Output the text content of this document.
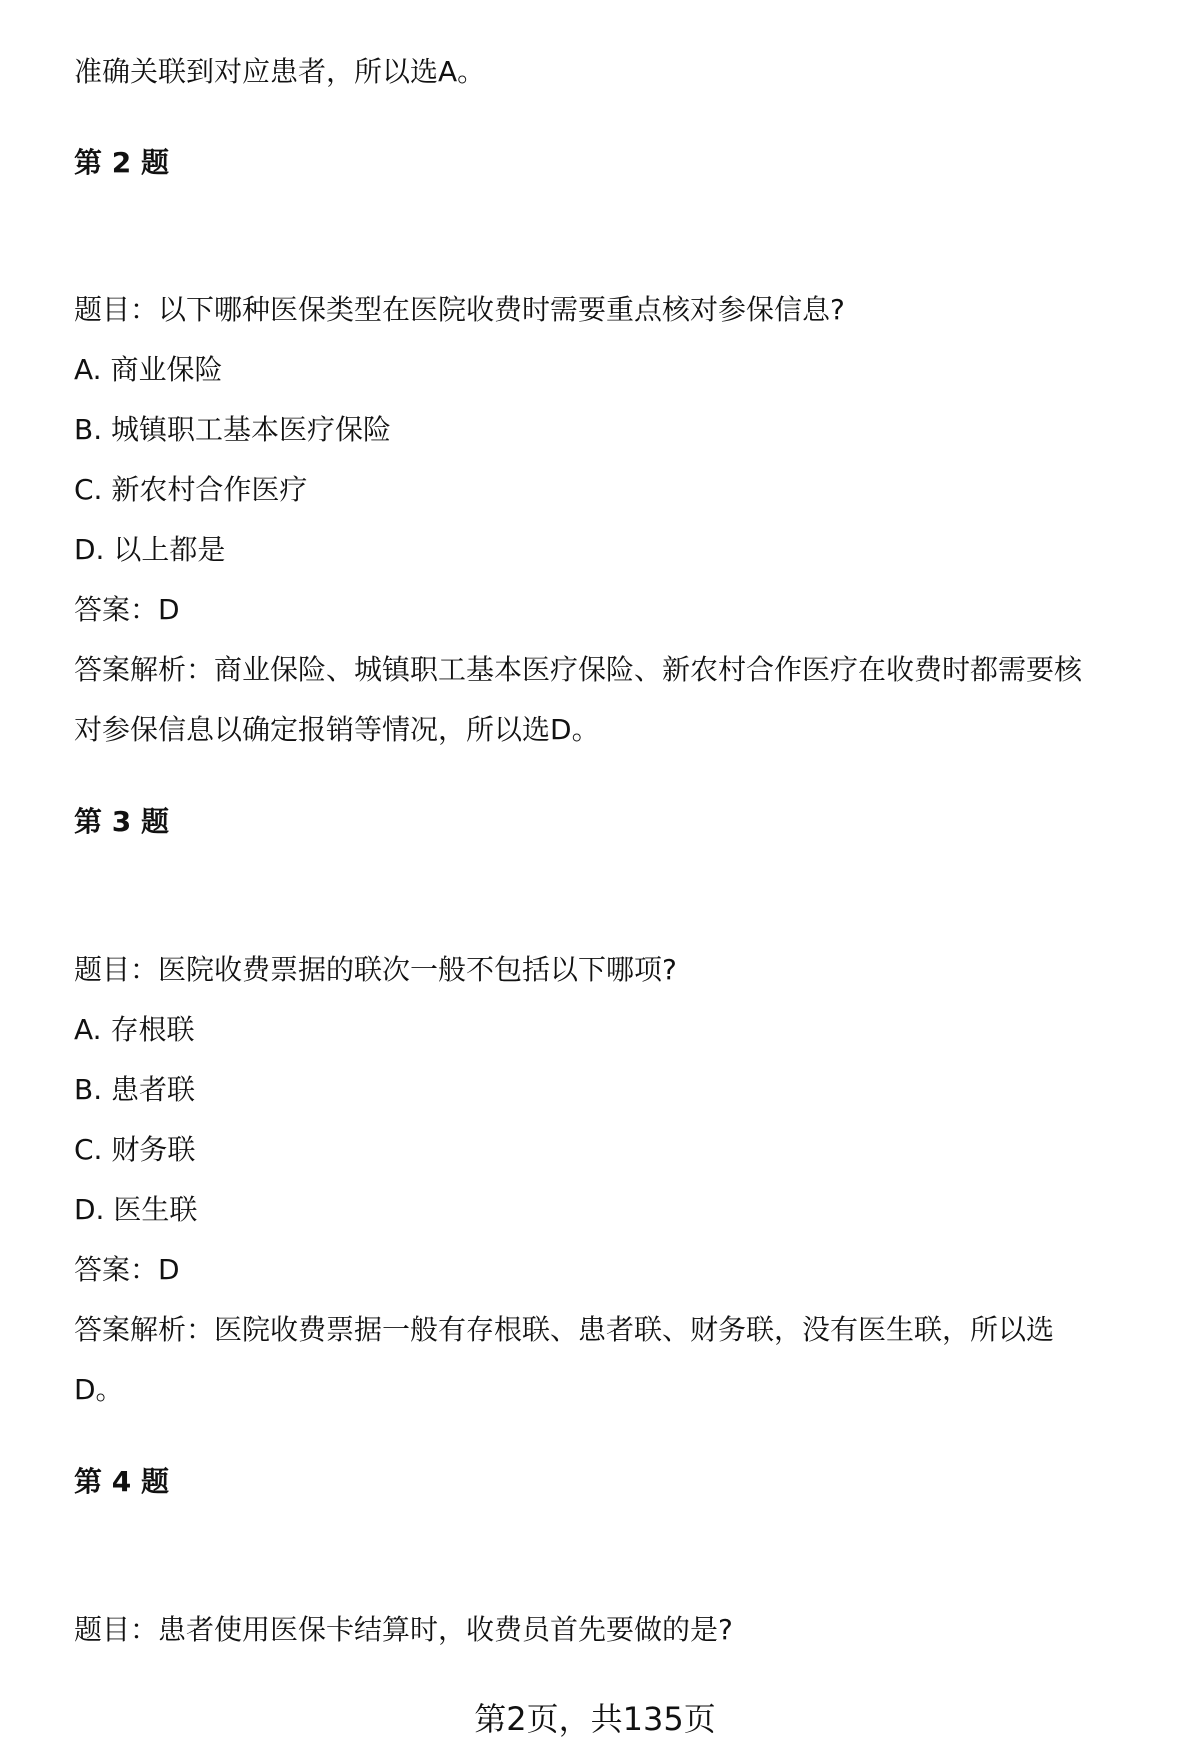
准确关联到对应患者，所以选A。
第 2 题
题目：以下哪种医保类型在医院收费时需要重点核对参保信息?
A. 商业保险
B. 城镇职工基本医疗保险
C. 新农村合作医疗
D. 以上都是
答案：D
答案解析：商业保险、城镇职工基本医疗保险、新农村合作医疗在收费时都需要核
对参保信息以确定报销等情况，所以选D。
第 3 题
题目：医院收费票据的联次一般不包括以下哪项?
A. 存根联
B. 患者联
C. 财务联
D. 医生联
答案：D
答案解析：医院收费票据一般有存根联、患者联、财务联，没有医生联，所以选
D。
第 4 题
题目：患者使用医保卡结算时，收费员首先要做的是?
第2页，共135页
